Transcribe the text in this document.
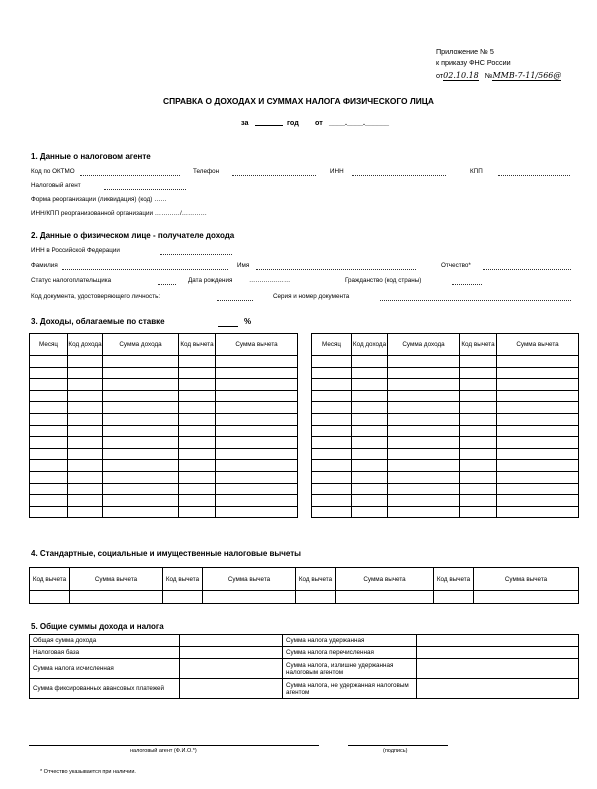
Приложение № 5
к приказу ФНС России
от02.10.18 №ММВ-7-11/566@
СПРАВКА О ДОХОДАХ И СУММАХ НАЛОГА ФИЗИЧЕСКОГО ЛИЦА
за	год от ____.____.______
1. Данные о налоговом агенте
Код по ОКТМО	Телефон	ИНН	КПП
Налоговый агент
Форма реорганизации (ликвидация) (код) ……
ИНН/КПП реорганизованной организации …………/…………
2. Данные о физическом лице - получателе дохода
ИНН в Российской Федерации
Фамилия	Имя	Отчество*
Статус налогоплательщика	Дата рождения	…….…….……	Гражданство (код страны)
Код документа, удостоверяющего личность:	Серия и номер документа
3. Доходы, облагаемые по ставке	%
Месяц	Код дохода	Сумма дохода	Код вычета	Сумма вычета

					Месяц	Код дохода	Сумма дохода	Код вычета	Сумма вычета

4. Стандартные, социальные и имущественные налоговые вычеты
Код вычета	Сумма вычета	Код вычета	Сумма вычета	Код вычета	Сумма вычета	Код вычета	Сумма вычета

5. Общие суммы дохода и налога
Общая сумма дохода		Сумма налога удержанная	
Налоговая база		Сумма налога перечисленная	
Сумма налога исчисленная		Сумма налога, излишне удержанная налоговым агентом	
Сумма фиксированных авансовых платежей		Сумма налога, не удержанная налоговым агентом	
налоговый агент (Ф.И.О.*)	(подпись)
* Отчество указывается при наличии.
